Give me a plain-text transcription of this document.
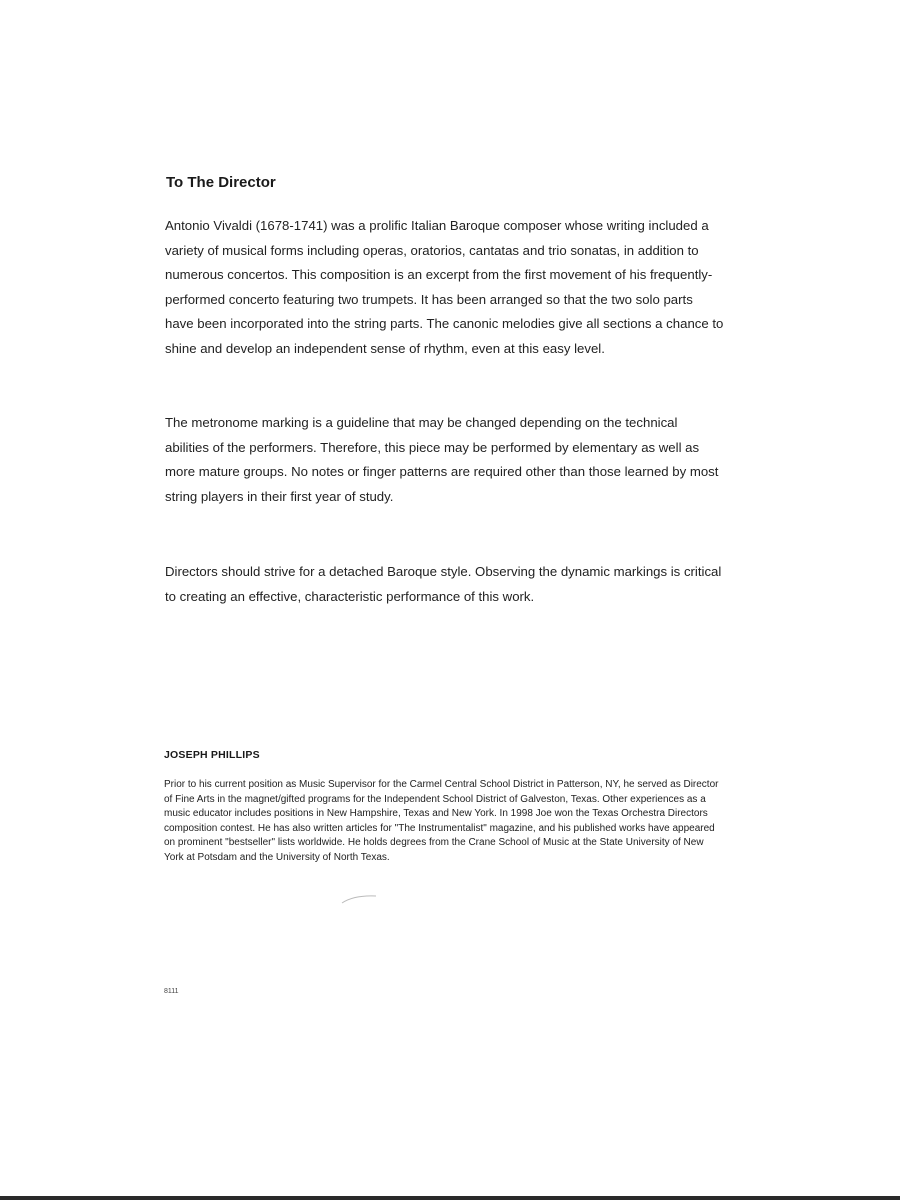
To The Director

Antonio Vivaldi (1678-1741) was a prolific Italian Baroque composer whose writing included a variety of musical forms including operas, oratorios, cantatas and trio sonatas, in addition to numerous concertos. This composition is an excerpt from the first movement of his frequently-performed concerto featuring two trumpets. It has been arranged so that the two solo parts have been incorporated into the string parts. The canonic melodies give all sections a chance to shine and develop an independent sense of rhythm, even at this easy level.

The metronome marking is a guideline that may be changed depending on the technical abilities of the performers. Therefore, this piece may be performed by elementary as well as more mature groups. No notes or finger patterns are required other than those learned by most string players in their first year of study.

Directors should strive for a detached Baroque style. Observing the dynamic markings is critical to creating an effective, characteristic performance of this work.

JOSEPH PHILLIPS

Prior to his current position as Music Supervisor for the Carmel Central School District in Patterson, NY, he served as Director of Fine Arts in the magnet/gifted programs for the Independent School District of Galveston, Texas. Other experiences as a music educator includes positions in New Hampshire, Texas and New York. In 1998 Joe won the Texas Orchestra Directors composition contest. He has also written articles for "The Instrumentalist" magazine, and his published works have appeared on prominent "bestseller" lists worldwide. He holds degrees from the Crane School of Music at the State University of New York at Potsdam and the University of North Texas.

8111
